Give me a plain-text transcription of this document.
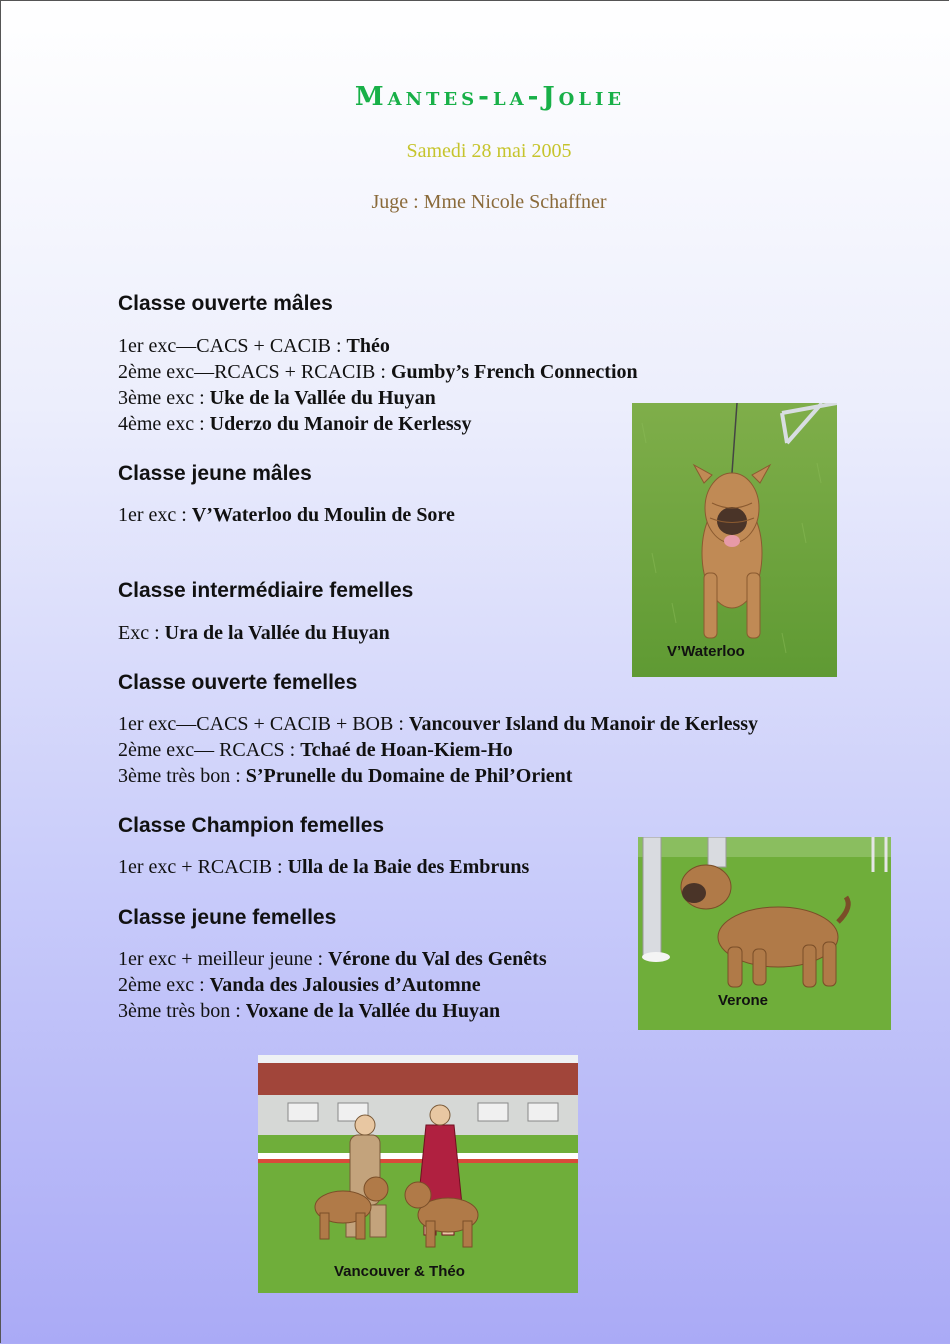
Mantes-la-Jolie
Samedi 28 mai 2005
Juge : Mme Nicole Schaffner
Classe ouverte mâles
1er exc—CACS + CACIB : Théo
2ème exc—RCACS + RCACIB : Gumby’s French Connection
3ème exc : Uke de la Vallée du Huyan
4ème exc : Uderzo du Manoir de Kerlessy
Classe jeune mâles
1er exc : V’Waterloo du Moulin de Sore
Classe intermédiaire femelles
Exc : Ura de la Vallée du Huyan
Classe ouverte femelles
1er exc—CACS + CACIB + BOB : Vancouver Island du Manoir de Kerlessy
2ème exc— RCACS : Tchaé de Hoan-Kiem-Ho
3ème très bon : S’Prunelle du Domaine de Phil’Orient
Classe Champion femelles
1er exc + RCACIB : Ulla de la Baie des Embruns
Classe jeune femelles
1er exc + meilleur jeune : Vérone du Val des Genêts
2ème exc : Vanda des Jalousies d’Automne
3ème très bon : Voxane de la Vallée du Huyan
V’Waterloo
Verone
Vancouver & Théo
